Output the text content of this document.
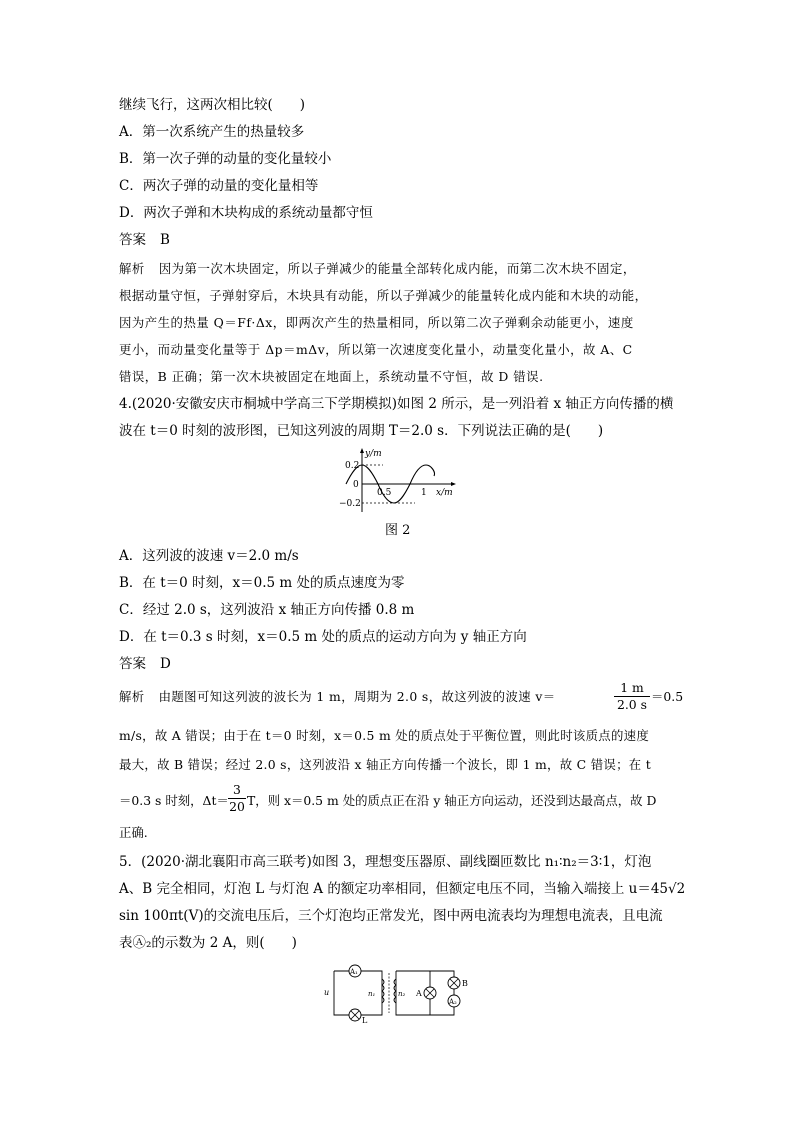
继续飞行，这两次相比较(　　)
A．第一次系统产生的热量较多
B．第一次子弹的动量的变化量较小
C．两次子弹的动量的变化量相等
D．两次子弹和木块构成的系统动量都守恒
答案 B
解析 因为第一次木块固定，所以子弹减少的能量全部转化成内能，而第二次木块不固定，
根据动量守恒，子弹射穿后，木块具有动能，所以子弹减少的能量转化成内能和木块的动能，
因为产生的热量 Q＝Ff·Δx，即两次产生的热量相同，所以第二次子弹剩余动能更小，速度
更小，而动量变化量等于 Δp＝mΔv，所以第一次速度变化量小，动量变化量小，故 A、C
错误，B 正确；第一次木块被固定在地面上，系统动量不守恒，故 D 错误.
4.(2020·安徽安庆市桐城中学高三下学期模拟)如图 2 所示，是一列沿着 x 轴正方向传播的横
波在 t＝0 时刻的波形图，已知这列波的周期 T＝2.0 s．下列说法正确的是(　　)
y/m
x/m
0.2
0
−0.2
0.5	1
图 2
A．这列波的波速 v＝2.0 m/s
B．在 t＝0 时刻，x＝0.5 m 处的质点速度为零
C．经过 2.0 s，这列波沿 x 轴正方向传播 0.8 m
D．在 t＝0.3 s 时刻，x＝0.5 m 处的质点的运动方向为 y 轴正方向
答案 D
解析 由题图可知这列波的波长为 1 m，周期为 2.0 s，故这列波的波速 v＝
1 m
2.0 s
＝0.5
m/s，故 A 错误；由于在 t＝0 时刻，x＝0.5 m 处的质点处于平衡位置，则此时该质点的速度
最大，故 B 错误；经过 2.0 s，这列波沿 x 轴正方向传播一个波长，即 1 m，故 C 错误；在 t
＝0.3 s 时刻，Δt＝
3
20 T，则 x＝0.5 m 处的质点正在沿 y 轴正方向运动，还没到达最高点，故 D
正确.
5．(2020·湖北襄阳市高三联考)如图 3，理想变压器原、副线圈匝数比 n₁∶n₂＝3∶1，灯泡
A、B 完全相同，灯泡 L 与灯泡 A 的额定功率相同，但额定电压不同，当输入端接上 u＝45√2
sin 100πt(V)的交流电压后，三个灯泡均正常发光，图中两电流表均为理想电流表，且电流
表Ⓐ₂的示数为 2 A，则(　　)
A₁
L
u	n₁	n₂ A
B
A₂
